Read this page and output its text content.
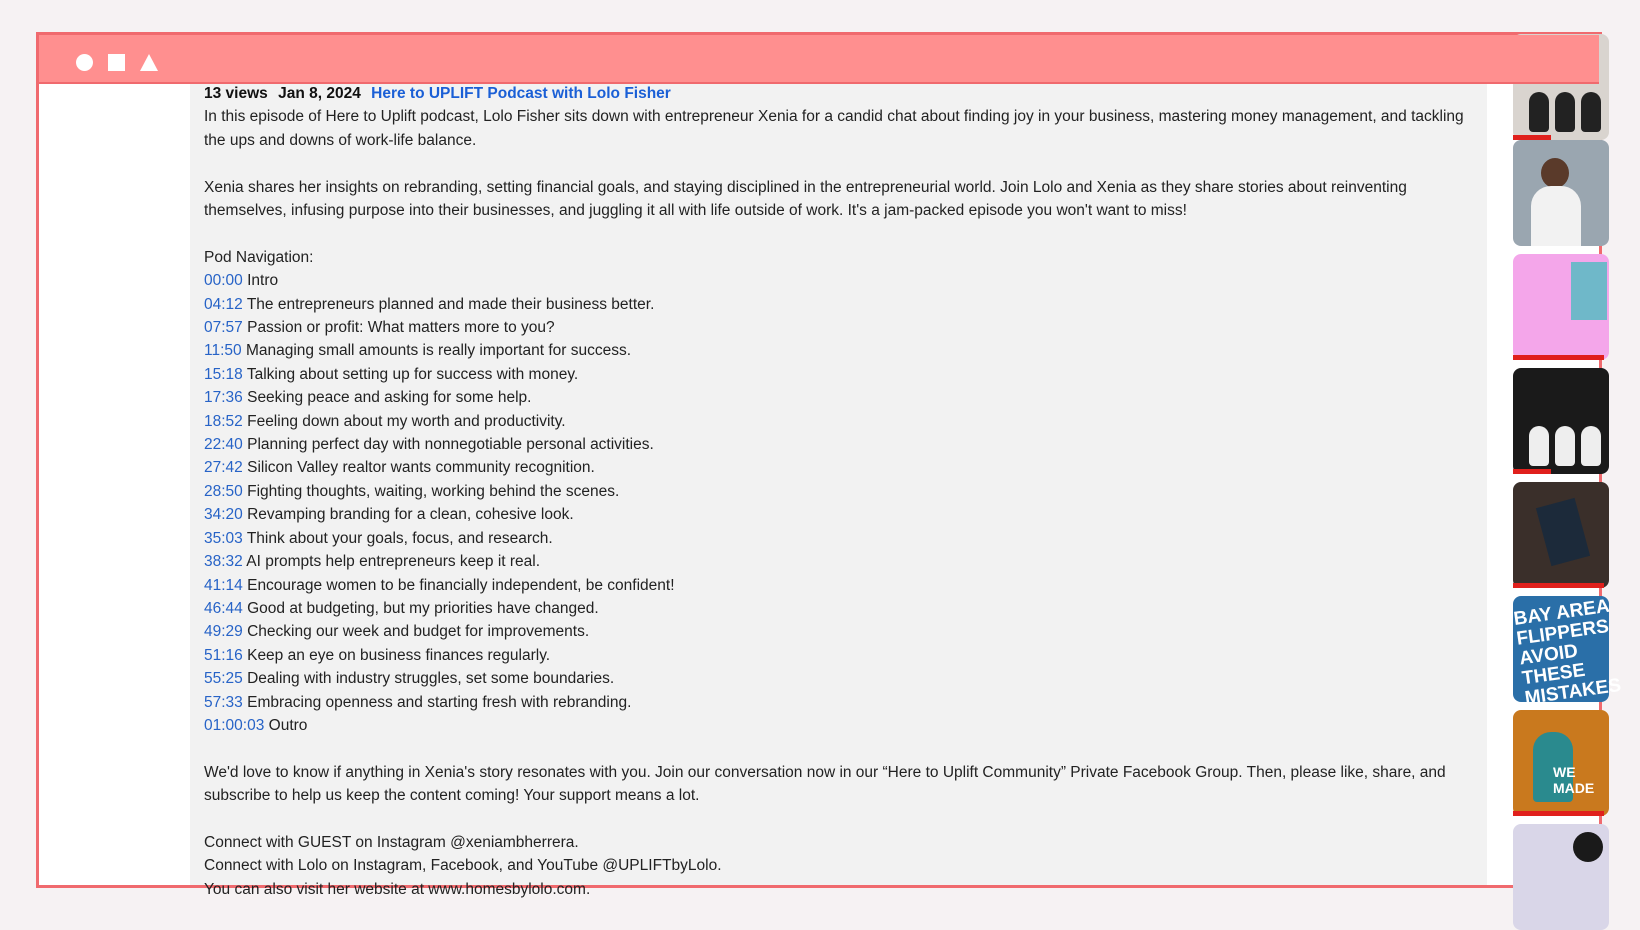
13 views Jan 8, 2024 Here to UPLIFT Podcast with Lolo Fisher

In this episode of Here to Uplift podcast, Lolo Fisher sits down with entrepreneur Xenia for a candid chat about finding joy in your business, mastering money management, and tackling the ups and downs of work-life balance.

Xenia shares her insights on rebranding, setting financial goals, and staying disciplined in the entrepreneurial world. Join Lolo and Xenia as they share stories about reinventing themselves, infusing purpose into their businesses, and juggling it all with life outside of work. It's a jam-packed episode you won't want to miss!

Pod Navigation:

00:00 Intro
04:12 The entrepreneurs planned and made their business better.
07:57 Passion or profit: What matters more to you?
11:50 Managing small amounts is really important for success.
15:18 Talking about setting up for success with money.
17:36 Seeking peace and asking for some help.
18:52 Feeling down about my worth and productivity.
22:40 Planning perfect day with nonnegotiable personal activities.
27:42 Silicon Valley realtor wants community recognition.
28:50 Fighting thoughts, waiting, working behind the scenes.
34:20 Revamping branding for a clean, cohesive look.
35:03 Think about your goals, focus, and research.
38:32 AI prompts help entrepreneurs keep it real.
41:14 Encourage women to be financially independent, be confident!
46:44 Good at budgeting, but my priorities have changed.
49:29 Checking our week and budget for improvements.
51:16 Keep an eye on business finances regularly.
55:25 Dealing with industry struggles, set some boundaries.
57:33 Embracing openness and starting fresh with rebranding.
01:00:03 Outro

We'd love to know if anything in Xenia's story resonates with you. Join our conversation now in our “Here to Uplift Community” Private Facebook Group. Then, please like, share, and subscribe to help us keep the content coming! Your support means a lot.

Connect with GUEST on Instagram @xeniambherrera.

Connect with Lolo on Instagram, Facebook, and YouTube @UPLIFTbyLolo.

You can also visit her website at www.homesbylolo.com.

BAY AREA FLIPPERS AVOID THESE MISTAKES
WE MADE
